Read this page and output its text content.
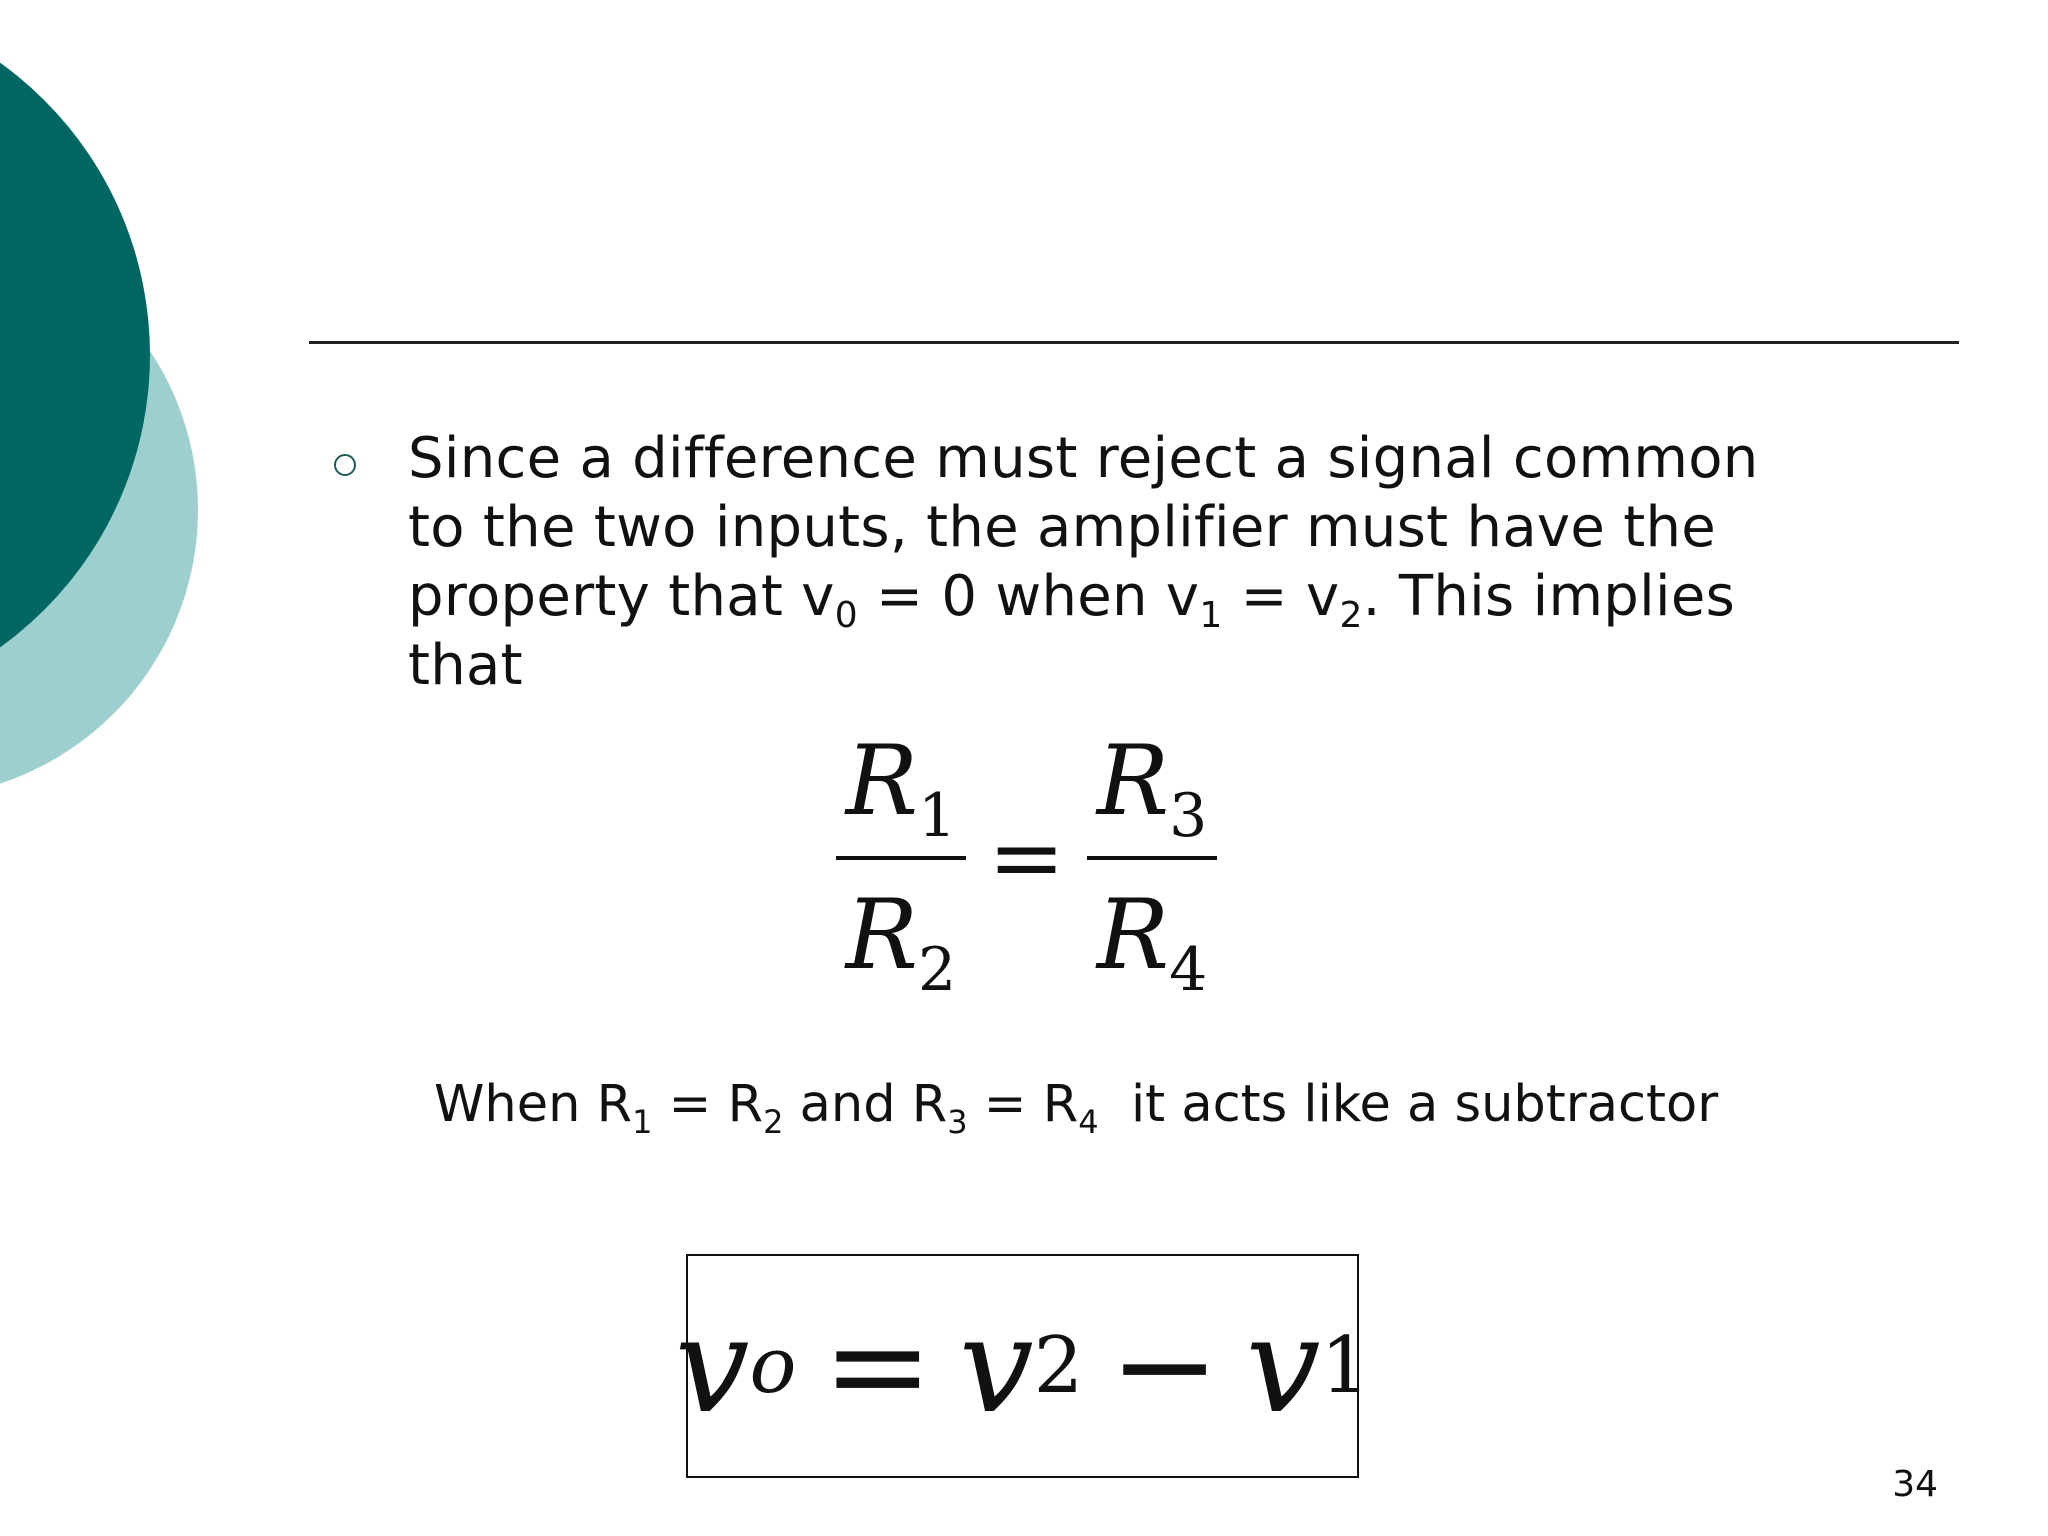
Since a difference must reject a signal common
to the two inputs, the amplifier must have the
property that $v_0 = 0$ when $v_1 = v_2$. This implies
that
$\frac{R_1}{R_2} = \frac{R_3}{R_4}$
When $R_1 = R_2$ and $R_3 = R_4$  it acts like a subtractor
v o = v 2 − v 1
34
